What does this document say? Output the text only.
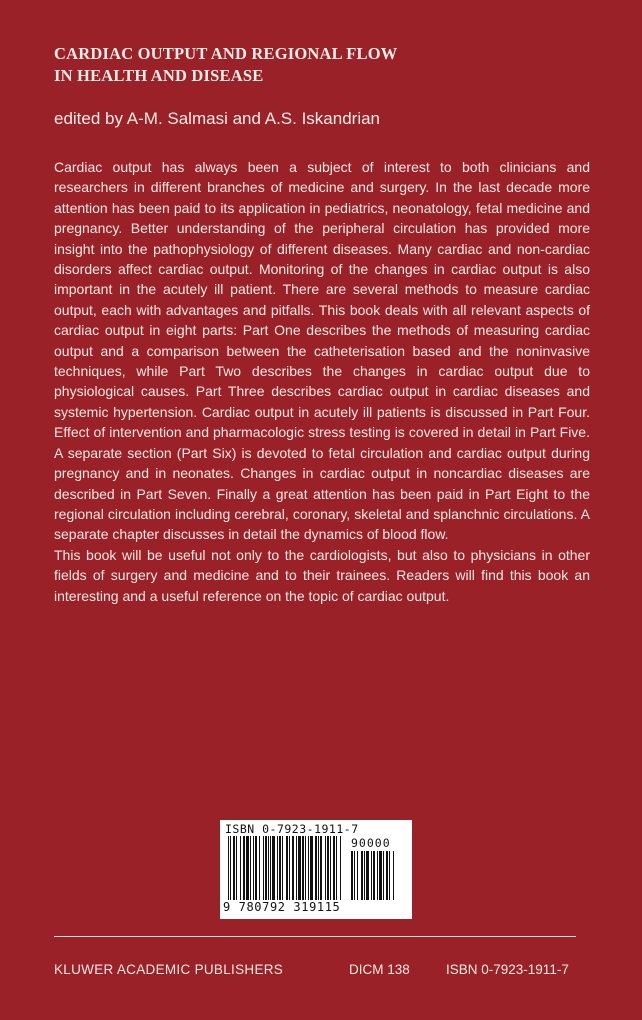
CARDIAC OUTPUT AND REGIONAL FLOW
IN HEALTH AND DISEASE
edited by A-M. Salmasi and A.S. Iskandrian

Cardiac output has always been a subject of interest to both clinicians and researchers in different branches of medicine and surgery. In the last decade more attention has been paid to its application in pediatrics, neonatology, fetal medicine and pregnancy. Better understanding of the peripheral circulation has provided more insight into the pathophysiology of different diseases. Many cardiac and non-cardiac disorders affect cardiac output. Monitoring of the changes in cardiac output is also important in the acutely ill patient. There are several methods to measure cardiac output, each with advantages and pitfalls. This book deals with all relevant aspects of cardiac output in eight parts: Part One describes the methods of measuring cardiac output and a comparison between the catheterisation based and the noninvasive techniques, while Part Two describes the changes in cardiac output due to physiological causes. Part Three describes cardiac output in cardiac diseases and systemic hypertension. Cardiac output in acutely ill patients is discussed in Part Four. Effect of intervention and pharmacologic stress testing is covered in detail in Part Five. A separate section (Part Six) is devoted to fetal circulation and cardiac output during pregnancy and in neonates. Changes in cardiac output in noncardiac diseases are described in Part Seven. Finally a great attention has been paid in Part Eight to the regional circulation including cerebral, coronary, skeletal and splanchnic circulations. A separate chapter discusses in detail the dynamics of blood flow.

This book will be useful not only to the cardiologists, but also to physicians in other fields of surgery and medicine and to their trainees. Readers will find this book an interesting and a useful reference on the topic of cardiac output.

ISBN 0-7923-1911-7
90000
9 780792 319115
KLUWER ACADEMIC PUBLISHERS	DICM 138	ISBN 0-7923-1911-7
